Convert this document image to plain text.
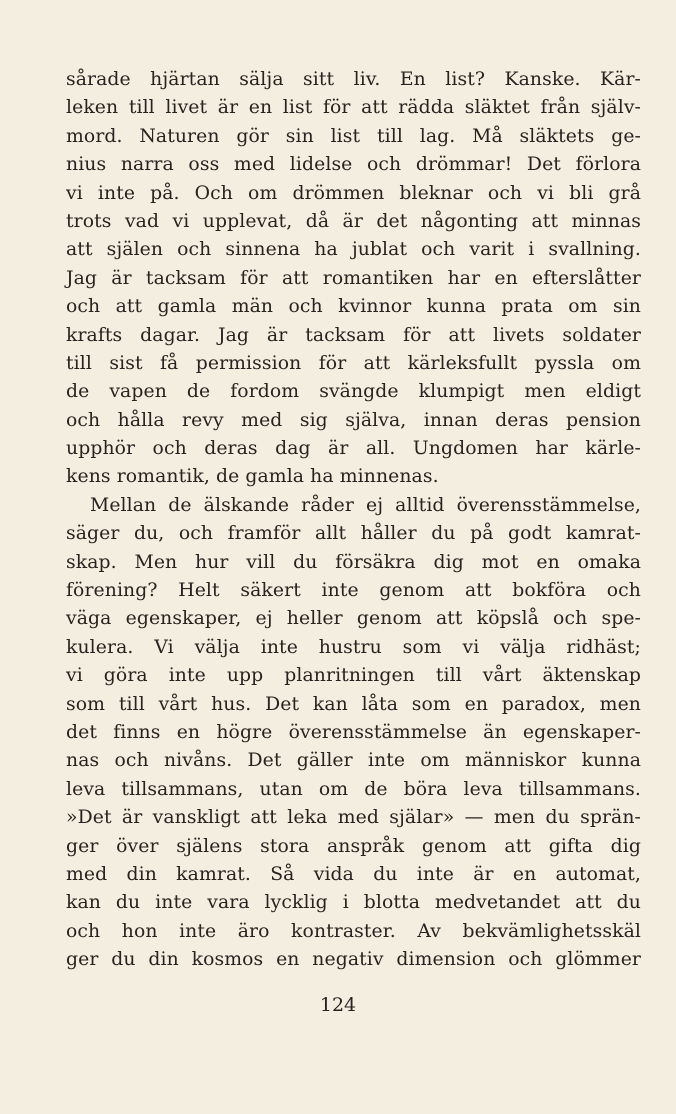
sårade hjärtan sälja sitt liv. En list? Kanske. Kär-
leken till livet är en list för att rädda släktet från själv-
mord. Naturen gör sin list till lag. Må släktets ge-
nius narra oss med lidelse och drömmar! Det förlora
vi inte på. Och om drömmen bleknar och vi bli grå
trots vad vi upplevat, då är det någonting att minnas
att själen och sinnena ha jublat och varit i svallning.
Jag är tacksam för att romantiken har en efterslåtter
och att gamla män och kvinnor kunna prata om sin
krafts dagar. Jag är tacksam för att livets soldater
till sist få permission för att kärleksfullt pyssla om
de vapen de fordom svängde klumpigt men eldigt
och hålla revy med sig själva, innan deras pension
upphör och deras dag är all. Ungdomen har kärle-
kens romantik, de gamla ha minnenas.
Mellan de älskande råder ej alltid överensstämmelse,
säger du, och framför allt håller du på godt kamrat-
skap. Men hur vill du försäkra dig mot en omaka
förening? Helt säkert inte genom att bokföra och
väga egenskaper, ej heller genom att köpslå och spe-
kulera. Vi välja inte hustru som vi välja ridhäst;
vi göra inte upp planritningen till vårt äktenskap
som till vårt hus. Det kan låta som en paradox, men
det finns en högre överensstämmelse än egenskaper-
nas och nivåns. Det gäller inte om människor kunna
leva tillsammans, utan om de böra leva tillsammans.
»Det är vanskligt att leka med själar» — men du sprän-
ger över själens stora anspråk genom att gifta dig
med din kamrat. Så vida du inte är en automat,
kan du inte vara lycklig i blotta medvetandet att du
och hon inte äro kontraster. Av bekvämlighetsskäl
ger du din kosmos en negativ dimension och glömmer
124
